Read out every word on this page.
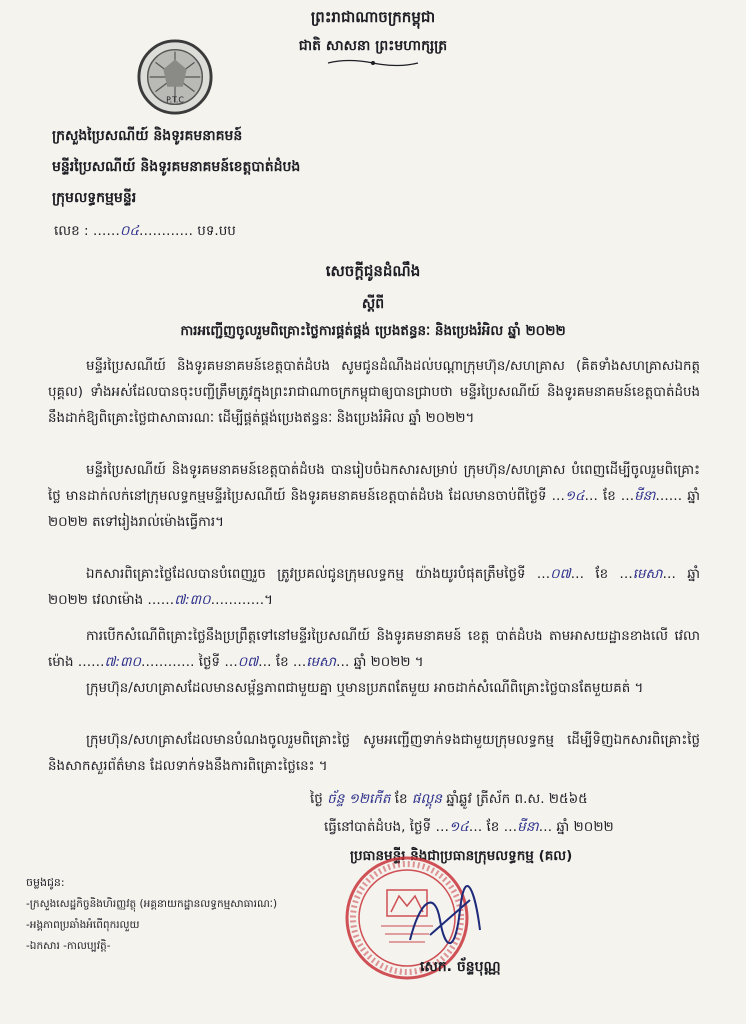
ព្រះរាជាណាចក្រកម្ពុជា
ជាតិ សាសនា ព្រះមហាក្សត្រ
P.T.C
ក្រសួងប្រៃសណីយ៍ និងទូរគមនាគមន៍
មន្ទីរប្រៃសណីយ៍ និងទូរគមនាគមន៍ខេត្តបាត់ដំបង
ក្រុមលទ្ធកម្មមន្ទីរ
លេខ : ……០៤………… បទ.បប
សេចក្តីជូនដំណឹង
ស្តីពី
ការអញ្ជើញចូលរួមពិគ្រោះថ្លៃការផ្គត់ផ្គង់ ប្រេងឥន្ធនៈ និងប្រេងរំអិល ឆ្នាំ ២០២២
មន្ទីរប្រៃសណីយ៍ និងទូរគមនាគមន៍ខេត្តបាត់ដំបង សូមជូនដំណឹងដល់បណ្តាក្រុមហ៊ុន/សហគ្រាស (គិតទាំងសហគ្រាសឯកត្តបុគ្គល) ទាំងអស់ដែលបានចុះបញ្ជីត្រឹមត្រូវក្នុងព្រះរាជាណាចក្រកម្ពុជាឲ្យបានជ្រាបថា មន្ទីរប្រៃសណីយ៍ និងទូរគមនាគមន៍ខេត្តបាត់ដំបង នឹងដាក់ឱ្យពិគ្រោះថ្លៃជាសាធារណៈ ដើម្បីផ្គត់ផ្គង់ប្រេងឥន្ធនៈ និងប្រេងរំអិល ឆ្នាំ ២០២២។
មន្ទីរប្រៃសណីយ៍ និងទូរគមនាគមន៍ខេត្តបាត់ដំបង បានរៀបចំឯកសារសម្រាប់ ក្រុមហ៊ុន/សហគ្រាស បំពេញដើម្បីចូលរួមពិគ្រោះថ្លៃ មានដាក់លក់នៅក្រុមលទ្ធកម្មមន្ទីរប្រៃសណីយ៍ និងទូរគមនាគមន៍ខេត្តបាត់ដំបង ដែលមានចាប់ពីថ្ងៃទី …១៤… ខែ …មីនា…… ឆ្នាំ ២០២២ តទៅរៀងរាល់ម៉ោងធ្វើការ។
ឯកសារពិគ្រោះថ្លៃដែលបានបំពេញរួច ត្រូវប្រគល់ជូនក្រុមលទ្ធកម្ម យ៉ាងយូរបំផុតត្រឹមថ្ងៃទី …០៧… ខែ …មេសា… ឆ្នាំ ២០២២ វេលាម៉ោង ……៧:៣០…………។
ការបើកសំណើពិគ្រោះថ្លៃនឹងប្រព្រឹត្តទៅនៅមន្ទីរប្រៃសណីយ៍ និងទូរគមនាគមន៍ ខេត្ត បាត់ដំបង តាមអាសយដ្ឋានខាងលើ វេលាម៉ោង ……៧:៣០………… ថ្ងៃទី …០៧… ខែ …មេសា… ឆ្នាំ ២០២២ ។
ក្រុមហ៊ុន/សហគ្រាសដែលមានសម្ព័ន្ធភាពជាមួយគ្នា ឬមានប្រភពតែមួយ អាចដាក់សំណើពិគ្រោះថ្លៃបានតែមួយគត់ ។
ក្រុមហ៊ុន/សហគ្រាសដែលមានបំណងចូលរួមពិគ្រោះថ្លៃ សូមអញ្ជើញទាក់ទងជាមួយក្រុមលទ្ធកម្ម ដើម្បីទិញឯកសារពិគ្រោះថ្លៃ និងសាកសួរព័ត៌មាន ដែលទាក់ទងនឹងការពិគ្រោះថ្លៃនេះ ។
ថ្ងៃ ច័ន្ទ ១២កើត ខែ ផល្គុន ឆ្នាំឆ្លូវ ត្រីស័ក ព.ស. ២៥៦៥
ធ្វើនៅបាត់ដំបង, ថ្ងៃទី …១៤… ខែ …មីនា… ឆ្នាំ ២០២២
ប្រធានមន្ទីរ និងជាប្រធានក្រុមលទ្ធកម្ម (គល)
សេក. ច័ន្ទបុណ្ណ
ចម្លងជូន:
-ក្រសួងសេដ្ឋកិច្ចនិងហិរញ្ញវត្ថុ (អគ្គនាយកដ្ឋានលទ្ធកម្មសាធារណៈ)
-អង្គភាពប្រឆាំងអំពើពុករលួយ
-ឯកសារ -កាលប្បវត្តិ-
